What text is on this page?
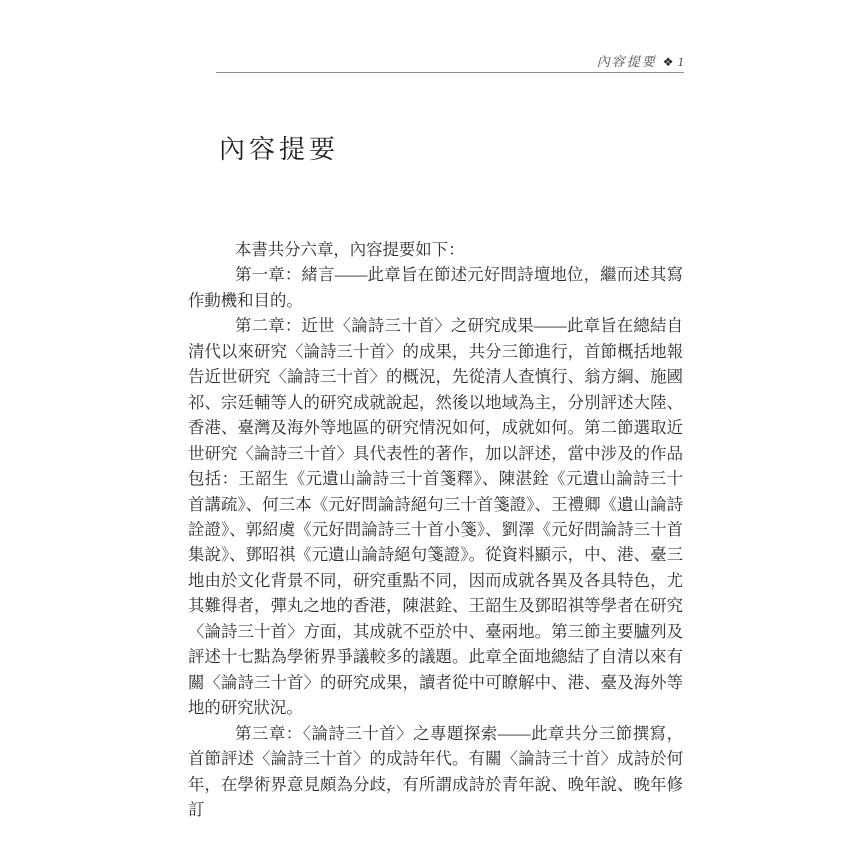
內容提要 ❖ 1
內容提要

本書共分六章，內容提要如下：

第一章：緒言——此章旨在節述元好問詩壇地位，繼而述其寫作動機和目的。

第二章：近世〈論詩三十首〉之研究成果——此章旨在總結自清代以來研究〈論詩三十首〉的成果，共分三節進行，首節概括地報告近世研究〈論詩三十首〉的概況，先從清人查慎行、翁方綱、施國祁、宗廷輔等人的研究成就說起，然後以地域為主，分別評述大陸、香港、臺灣及海外等地區的研究情況如何，成就如何。第二節選取近世研究〈論詩三十首〉具代表性的著作，加以評述，當中涉及的作品包括：王韶生《元遺山論詩三十首箋釋》、陳湛銓《元遺山論詩三十首講疏》、何三本《元好問論詩絕句三十首箋證》、王禮卿《遺山論詩詮證》、郭紹虞《元好問論詩三十首小箋》、劉澤《元好問論詩三十首集說》、鄧昭祺《元遺山論詩絕句箋證》。從資料顯示，中、港、臺三地由於文化背景不同，研究重點不同，因而成就各異及各具特色，尤其難得者，彈丸之地的香港，陳湛銓、王韶生及鄧昭祺等學者在研究〈論詩三十首〉方面，其成就不亞於中、臺兩地。第三節主要臚列及評述十七點為學術界爭議較多的議題。此章全面地總結了自清以來有關〈論詩三十首〉的研究成果，讀者從中可瞭解中、港、臺及海外等地的研究狀況。

第三章：〈論詩三十首〉之專題探索——此章共分三節撰寫，首節評述〈論詩三十首〉的成詩年代。有關〈論詩三十首〉成詩於何年，在學術界意見頗為分歧，有所謂成詩於青年說、晚年說、晚年修訂
